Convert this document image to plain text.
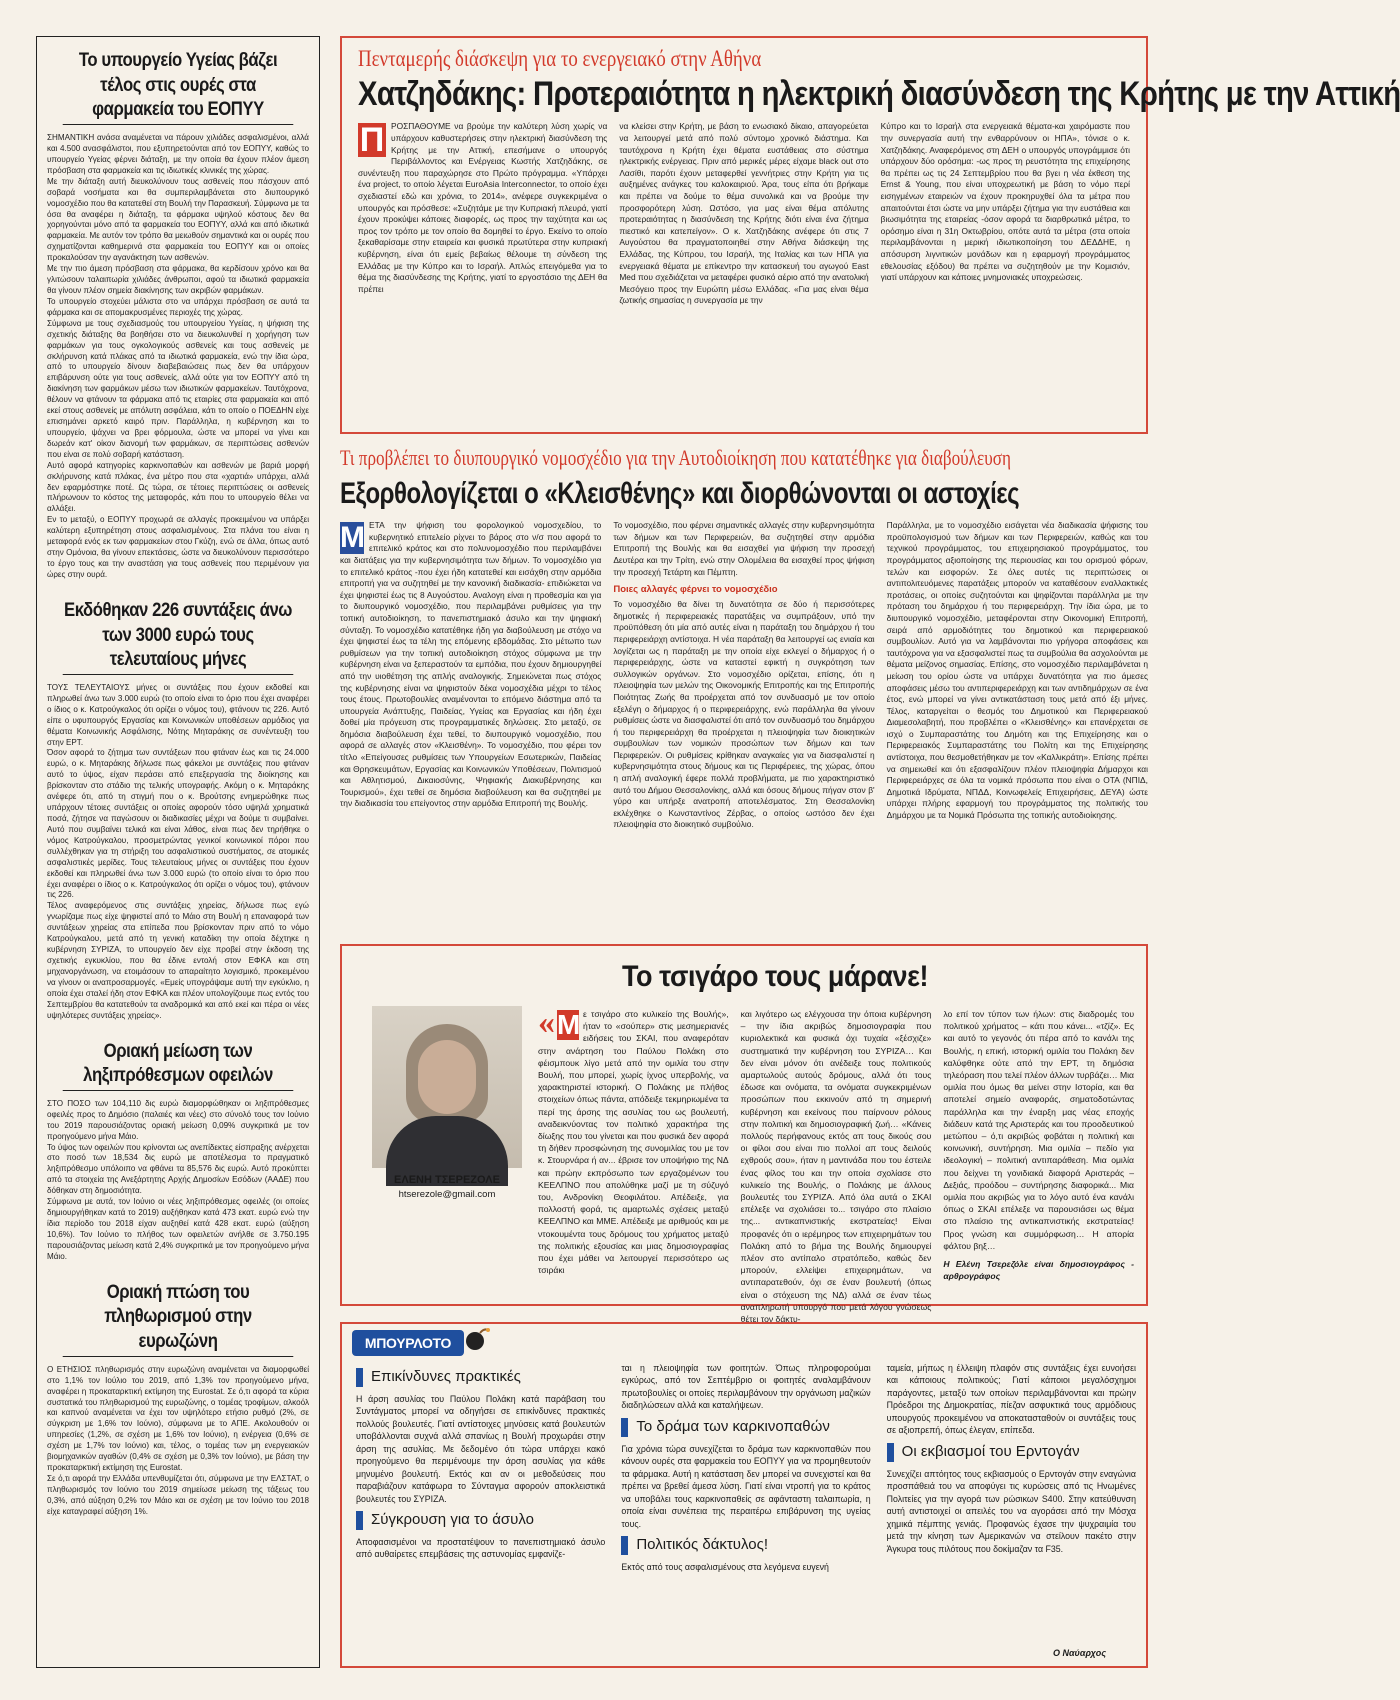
Το υπουργείο Υγείας βάζει τέλος στις ουρές στα φαρμακεία του ΕΟΠΥΥ

ΣΗΜΑΝΤΙΚΗ ανάσα αναμένεται να πάρουν χιλιάδες ασφαλισμένοι, αλλά και 4.500 ανασφάλιστοι, που εξυπηρετούνται από τον ΕΟΠΥΥ, καθώς το υπουργείο Υγείας φέρνει διάταξη, με την οποία θα έχουν πλέον άμεση πρόσβαση στα φαρμακεία και τις ιδιωτικές κλινικές της χώρας.

Με την διάταξη αυτή διευκολύνουν τους ασθενείς που πάσχουν από σοβαρά νοσήματα και θα συμπεριλαμβάνεται στο διυπουργικό νομοσχέδιο που θα κατατεθεί στη Βουλή την Παρασκευή. Σύμφωνα με τα όσα θα αναφέρει η διάταξη, τα φάρμακα υψηλού κόστους δεν θα χορηγούνται μόνο από τα φαρμακεία του ΕΟΠΥΥ, αλλά και από ιδιωτικά φαρμακεία. Με αυτόν τον τρόπο θα μειωθούν σημαντικά και οι ουρές που σχηματίζονται καθημερινά στα φαρμακεία του ΕΟΠΥΥ και οι οποίες προκαλούσαν την αγανάκτηση των ασθενών.

Με την πιο άμεση πρόσβαση στα φάρμακα, θα κερδίσουν χρόνο και θα γλιτώσουν ταλαιπωρία χιλιάδες άνθρωποι, αφού τα ιδιωτικά φαρμακεία θα γίνουν πλέον σημεία διακίνησης των ακριβών φαρμάκων.

Το υπουργείο στοχεύει μάλιστα στο να υπάρχει πρόσβαση σε αυτά τα φάρμακα και σε απομακρυσμένες περιοχές της χώρας.

Σύμφωνα με τους σχεδιασμούς του υπουργείου Υγείας, η ψήφιση της σχετικής διάταξης θα βοηθήσει στο να διευκολυνθεί η χορήγηση των φαρμάκων για τους ογκολογικούς ασθενείς και τους ασθενείς με σκλήρυνση κατά πλάκας από τα ιδιωτικά φαρμακεία, ενώ την ίδια ώρα, από το υπουργείο δίνουν διαβεβαιώσεις πως δεν θα υπάρχουν επιβάρυνση ούτε για τους ασθενείς, αλλά ούτε για τον ΕΟΠΥΥ από τη διακίνηση των φαρμάκων μέσω των ιδιωτικών φαρμακείων. Ταυτόχρονα, θέλουν να φτάνουν τα φάρμακα από τις εταιρίες στα φαρμακεία και από εκεί στους ασθενείς με απόλυτη ασφάλεια, κάτι το οποίο ο ΠΟΕΔΗΝ είχε επισημάνει αρκετό καιρό πριν. Παράλληλα, η κυβέρνηση και το υπουργείο, ψάχνει να βρει φόρμουλα, ώστε να μπορεί να γίνει και δωρεάν κατ' οίκον διανομή των φαρμάκων, σε περιπτώσεις ασθενών που είναι σε πολύ σοβαρή κατάσταση.

Αυτό αφορά κατηγορίες καρκινοπαθών και ασθενών με βαριά μορφή σκλήρυνσης κατά πλάκας, ένα μέτρο που στα «χαρτιά» υπάρχει, αλλά δεν εφαρμόστηκε ποτέ. Ως τώρα, σε τέτοιες περιπτώσεις οι ασθενείς πλήρωνουν το κόστος της μεταφοράς, κάτι που το υπουργείο θέλει να αλλάξει.

Εν το μεταξύ, ο ΕΟΠΥΥ προχωρά σε αλλαγές προκειμένου να υπάρξει καλύτερη εξυπηρέτηση στους ασφαλισμένους. Στα πλάνα του είναι η μεταφορά ενός εκ των φαρμακείων στου Γκύζη, ενώ σε άλλα, όπως αυτό στην Ομόνοια, θα γίνουν επεκτάσεις, ώστε να διευκολύνουν περισσότερο το έργο τους και την αναστάση για τους ασθενείς που περιμένουν για ώρες στην ουρά.

Εκδόθηκαν 226 συντάξεις άνω των 3000 ευρώ τους τελευταίους μήνες

ΤΟΥΣ ΤΕΛΕΥΤΑΙΟΥΣ μήνες οι συντάξεις που έχουν εκδοθεί και πληρωθεί άνω των 3.000 ευρώ (το οποίο είναι το όριο που έχει αναφέρει ο ίδιος ο κ. Κατρούγκαλος ότι ορίζει ο νόμος του), φτάνουν τις 226. Αυτό είπε ο υφυπουργός Εργασίας και Κοινωνικών υποθέσεων αρμόδιος για θέματα Κοινωνικής Ασφάλισης, Νότης Μηταράκης σε συνέντευξη του στην ΕΡΤ.

Όσον αφορά το ζήτημα των συντάξεων που φτάναν έως και τις 24.000 ευρώ, ο κ. Μηταράκης δήλωσε πως φάκελοι με συντάξεις που φτάναν αυτό το ύψος, είχαν περάσει από επεξεργασία της διοίκησης και βρίσκονταν στο στάδιο της τελικής υπογραφής. Ακόμη ο κ. Μηταράκης ανέφερε ότι, από τη στιγμή που ο κ. Βρούτσης ενημερώθηκε πως υπάρχουν τέτοιες συντάξεις οι οποίες αφορούν τόσο υψηλά χρηματικά ποσά, ζήτησε να παγώσουν οι διαδικασίες μέχρι να δούμε τι συμβαίνει. Αυτό που συμβαίνει τελικά και είναι λάθος, είναι πως δεν τηρήθηκε ο νόμος Κατρούγκαλου, προσμετρώντας γενικοί κοινωνικοί πόροι που συλλέχθηκαν για τη στήριξη του ασφαλιστικού συστήματος, σε ατομικές ασφαλιστικές μερίδες. Τους τελευταίους μήνες οι συντάξεις που έχουν εκδοθεί και πληρωθεί άνω των 3.000 ευρώ (το οποίο είναι το όριο που έχει αναφέρει ο ίδιος ο κ. Κατρούγκαλος ότι ορίζει ο νόμος του), φτάνουν τις 226.

Τέλος αναφερόμενος στις συντάξεις χηρείας, δήλωσε πως εγώ γνωρίζαμε πως είχε ψηφιστεί από το Μάιο στη Βουλή η επαναφορά των συντάξεων χηρείας στα επίπεδα που βρίσκονταν πριν από το νόμο Κατρούγκαλου, μετά από τη γενική καταδίκη την οποία δέχτηκε η κυβέρνηση ΣΥΡΙΖΑ, το υπουργείο δεν είχε προβεί στην έκδοση της σχετικής εγκυκλίου, που θα έδινε εντολή στον ΕΦΚΑ και στη μηχανοργάνωση, να ετοιμάσουν το απαραίτητο λογισμικό, προκειμένου να γίνουν οι αναπροσαρμογές. «Εμείς υπογράψαμε αυτή την εγκύκλιο, η οποία έχει σταλεί ήδη στον ΕΦΚΑ και πλέον υπολογίζουμε πως εντός του Σεπτεμβρίου θα κατατεθούν τα αναδρομικά και από εκεί και πέρα οι νέες υψηλότερες συντάξεις χηρείας».

Οριακή μείωση των ληξιπρόθεσμων οφειλών

ΣΤΟ ΠΟΣΟ των 104,110 δις ευρώ διαμορφώθηκαν οι ληξιπρόθεσμες οφειλές προς το Δημόσιο (παλαιές και νέες) στο σύνολό τους τον Ιούνιο του 2019 παρουσιάζοντας οριακή μείωση 0,09% συγκριτικά με τον προηγούμενο μήνα Μάιο.

Το ύψος των οφειλών που κρίνονται ως ανεπίδεκτες είσπραξης ανέρχεται στο ποσό των 18,534 δις ευρώ με αποτέλεσμα το πραγματικό ληξιπρόθεσμο υπόλοιπο να φθάνει τα 85,576 δις ευρώ. Αυτό προκύπτει από τα στοιχεία της Ανεξάρτητης Αρχής Δημοσίων Εσόδων (ΑΑΔΕ) που δόθηκαν στη δημοσιότητα.

Σύμφωνα με αυτά, τον Ιούνιο οι νέες ληξιπρόθεσμες οφειλές (οι οποίες δημιουργήθηκαν κατά το 2019) αυξήθηκαν κατά 473 εκατ. ευρώ ενώ την ίδια περίοδο του 2018 είχαν αυξηθεί κατά 428 εκατ. ευρώ (αύξηση 10,6%). Τον Ιούνιο το πλήθος των οφειλετών ανήλθε σε 3.750.195 παρουσιάζοντας μείωση κατά 2,4% συγκριτικά με τον προηγούμενο μήνα Μάιο.

Οριακή πτώση του πληθωρισμού στην ευρωζώνη

Ο ΕΤΗΣΙΟΣ πληθωρισμός στην ευρωζώνη αναμένεται να διαμορφωθεί στο 1,1% τον Ιούλιο του 2019, από 1,3% τον προηγούμενο μήνα, αναφέρει η προκαταρκτική εκτίμηση της Eurostat. Σε ό,τι αφορά τα κύρια συστατικά του πληθωρισμού της ευρωζώνης, ο τομέας τροφίμων, αλκοόλ και καπνού αναμένεται να έχει τον υψηλότερο ετήσιο ρυθμό (2%, σε σύγκριση με 1,6% τον Ιούνιο), σύμφωνα με το ΑΠΕ. Ακολουθούν οι υπηρεσίες (1,2%, σε σχέση με 1,6% τον Ιούνιο), η ενέργεια (0,6% σε σχέση με 1,7% τον Ιούνιο) και, τέλος, ο τομέας των μη ενεργειακών βιομηχανικών αγαθών (0,4% σε σχέση με 0,3% τον Ιούνιο), με βάση την προκαταρκτική εκτίμηση της Eurostat.

Σε ό,τι αφορά την Ελλάδα υπενθυμίζεται ότι, σύμφωνα με την ΕΛΣΤΑΤ, ο πληθωρισμός τον Ιούνιο του 2019 σημείωσε μείωση της τάξεως του 0,3%, από αύξηση 0,2% τον Μάιο και σε σχέση με τον Ιούνιο του 2018 είχε καταγραφεί αύξηση 1%.

Πενταμερής διάσκεψη για το ενεργειακό στην Αθήνα
Χατζηδάκης: Προτεραιότητα η ηλεκτρική διασύνδεση της Κρήτης με την Αττική

Π ΡΟΣΠΑΘΟΥΜΕ να βρούμε την καλύτερη λύση χωρίς να υπάρχουν καθυστερήσεις στην ηλεκτρική διασύνδεση της Κρήτης με την Αττική, επεσήμανε ο υπουργός Περιβάλλοντος και Ενέργειας Κωστής Χατζηδάκης, σε συνέντευξη που παραχώρησε στο Πρώτο πρόγραμμα. «Υπάρχει ένα project, το οποίο λέγεται EuroAsia Interconnector, το οποίο έχει σχεδιαστεί εδώ και χρόνια, το 2014», ανέφερε συγκεκριμένα ο υπουργός και πρόσθεσε: «Συζητάμε με την Κυπριακή πλευρά, γιατί έχουν προκύψει κάποιες διαφορές, ως προς την ταχύτητα και ως προς τον τρόπο με τον οποίο θα δομηθεί το έργο. Εκείνο το οποίο ξεκαθαρίσαμε στην εταιρεία και φυσικά πρωτύτερα στην κυπριακή κυβέρνηση, είναι ότι εμείς βεβαίως θέλουμε τη σύνδεση της Ελλάδας με την Κύπρο και το Ισραήλ. Απλώς επειγόμεθα για το θέμα της διασύνδεσης της Κρήτης, γιατί το εργοστάσιο της ΔΕΗ θα πρέπει

να κλείσει στην Κρήτη, με βάση το ενωσιακό δίκαιο, απαγορεύεται να λειτουργεί μετά από πολύ σύντομο χρονικό διάστημα. Και ταυτόχρονα η Κρήτη έχει θέματα ευστάθειας στο σύστημα ηλεκτρικής ενέργειας. Πριν από μερικές μέρες είχαμε black out στο Λασίθι, παρότι έχουν μεταφερθεί γεννήτριες στην Κρήτη για τις αυξημένες ανάγκες του καλοκαιριού. Άρα, τους είπα ότι βρήκαμε και πρέπει να δούμε το θέμα συνολικά και να βρούμε την προσφορότερη λύση. Ωστόσο, για μας είναι θέμα απόλυτης προτεραιότητας η διασύνδεση της Κρήτης διότι είναι ένα ζήτημα πιεστικό και κατεπείγον». Ο κ. Χατζηδάκης ανέφερε ότι στις 7 Αυγούστου θα πραγματοποιηθεί στην Αθήνα διάσκεψη της Ελλάδας, της Κύπρου, του Ισραήλ, της Ιταλίας και των ΗΠΑ για ενεργειακά θέματα με επίκεντρο την κατασκευή του αγωγού East Med που σχεδιάζεται να μεταφέρει φυσικό αέριο από την ανατολική Μεσόγειο προς την Ευρώπη μέσω Ελλάδας. «Για μας είναι θέμα ζωτικής σημασίας η συνεργασία με την

Κύπρο και το Ισραήλ στα ενεργειακά θέματα-και χαιρόμαστε που την συνεργασία αυτή την ενθαρρύνουν οι ΗΠΑ», τόνισε ο κ. Χατζηδάκης. Αναφερόμενος στη ΔΕΗ ο υπουργός υπογράμμισε ότι υπάρχουν δύο ορόσημα: -ως προς τη ρευστότητα της επιχείρησης θα πρέπει ως τις 24 Σεπτεμβρίου που θα βγει η νέα έκθεση της Ernst & Young, που είναι υποχρεωτική με βάση το νόμο περί εισηγμένων εταιρειών να έχουν προκηρυχθεί όλα τα μέτρα που απαιτούνται έτσι ώστε να μην υπάρξει ζήτημα για την ευστάθεια και βιωσιμότητα της εταιρείας -όσον αφορά τα διαρθρωτικά μέτρα, το ορόσημο είναι η 31η Οκτωβρίου, οπότε αυτά τα μέτρα (στα οποία περιλαμβάνονται η μερική ιδιωτικοποίηση του ΔΕΔΔΗΕ, η απόσυρση λιγνιτικών μονάδων και η εφαρμογή προγράμματος εθελουσίας εξόδου) θα πρέπει να συζητηθούν με την Κομισιόν, γιατί υπάρχουν και κάποιες μνημονιακές υποχρεώσεις.

Τι προβλέπει το διυπουργικό νομοσχέδιο για την Αυτοδιοίκηση που κατατέθηκε για διαβούλευση
Εξορθολογίζεται ο «Κλεισθένης» και διορθώνονται οι αστοχίες

Μ ΕΤΑ την ψήφιση του φορολογικού νομοσχεδίου, το κυβερνητικό επιτελείο ρίχνει το βάρος στο ν/σ που αφορά το επιτελικό κράτος και στο πολυνομοσχέδιο που περιλαμβάνει και διατάξεις για την κυβερνησιμότητα των δήμων. Το νομοσχέδιο για το επιτελικό κράτος -που έχει ήδη κατατεθεί και εισάχθη στην αρμόδια επιτροπή για να συζητηθεί με την κανονική διαδικασία- επιδιώκεται να έχει ψηφιστεί έως τις 8 Αυγούστου. Αναλογη είναι η προθεσμία και για το διυπουργικό νομοσχέδιο, που περιλαμβάνει ρυθμίσεις για την τοπική αυτοδιοίκηση, το πανεπιστημιακό άσυλο και την ψηφιακή σύνταξη. Το νομοσχέδιο κατατέθηκε ήδη για διαβούλευση με στόχο να έχει ψηφιστεί έως τα τέλη της επόμενης εβδομάδας. Στο μέτωπο των ρυθμίσεων για την τοπική αυτοδιοίκηση στόχος σύμφωνα με την κυβέρνηση είναι να ξεπεραστούν τα εμπόδια, που έχουν δημιουργηθεί από την υιοθέτηση της απλής αναλογικής. Σημειώνεται πως στόχος της κυβέρνησης είναι να ψηφιστούν δέκα νομοσχέδια μέχρι το τέλος τους έτους. Πρωτοβουλίες αναμένονται το επόμενο διάστημα από τα υπουργεία Ανάπτυξης, Παιδείας, Υγείας και Εργασίας και ήδη έχει δοθεί μία πρόγευση στις προγραμματικές δηλώσεις. Στο μεταξύ, σε δημόσια διαβούλευση έχει τεθεί, το διυπουργικό νομοσχέδιο, που αφορά σε αλλαγές στον «Κλεισθένη». Το νομοσχέδιο, που φέρει τον τίτλο «Επείγουσες ρυθμίσεις των Υπουργείων Εσωτερικών, Παιδείας και Θρησκευμάτων, Εργασίας και Κοινωνικών Υποθέσεων, Πολιτισμού και Αθλητισμού, Δικαιοσύνης, Ψηφιακής Διακυβέρνησης και Τουρισμού», έχει τεθεί σε δημόσια διαβούλευση και θα συζητηθεί με την διαδικασία του επείγοντος στην αρμόδια Επιτροπή της Βουλής.

Το νομοσχέδιο, που φέρνει σημαντικές αλλαγές στην κυβερνησιμότητα των δήμων και των Περιφερειών, θα συζητηθεί στην αρμόδια Επιτροπή της Βουλής και θα εισαχθεί για ψήφιση την προσεχή Δευτέρα και την Τρίτη, ενώ στην Ολομέλεια θα εισαχθεί προς ψήφιση την προσεχή Τετάρτη και Πέμπτη.

Ποιες αλλαγές φέρνει το νομοσχέδιο

Το νομοσχέδιο θα δίνει τη δυνατότητα σε δύο ή περισσότερες δημοτικές ή περιφερειακές παρατάξεις να συμπράξουν, υπό την προϋπόθεση ότι μία από αυτές είναι η παράταξη του δημάρχου ή του περιφερειάρχη αντίστοιχα. Η νέα παράταξη θα λειτουργεί ως ενιαία και λογίζεται ως η παράταξη με την οποία είχε εκλεγεί ο δήμαρχος ή ο περιφερειάρχης, ώστε να καταστεί εφικτή η συγκρότηση των συλλογικών οργάνων. Στο νομοσχέδιο ορίζεται, επίσης, ότι η πλειοψηφία των μελών της Οικονομικής Επιτροπής και της Επιτροπής Ποιότητας Ζωής θα προέρχεται από τον συνδυασμό με τον οποίο εξελέγη ο δήμαρχος ή ο περιφερειάρχης, ενώ παράλληλα θα γίνουν ρυθμίσεις ώστε να διασφαλιστεί ότι από τον συνδυασμό του δημάρχου ή του περιφερειάρχη θα προέρχεται η πλειοψηφία των διοικητικών συμβουλίων των νομικών προσώπων των δήμων και των Περιφερειών. Οι ρυθμίσεις κρίθηκαν αναγκαίες για να διασφαλιστεί η κυβερνησιμότητα στους δήμους και τις Περιφέρειες, της χώρας, όπου η απλή αναλογική έφερε πολλά προβλήματα, με πιο χαρακτηριστικό αυτό του Δήμου Θεσσαλονίκης, αλλά και όσους δήμους πήγαν στον β' γύρο και υπήρξε ανατροπή αποτελέσματος. Στη Θεσσαλονίκη εκλέχθηκε ο Κωνσταντίνος Ζέρβας, ο οποίος ωστόσο δεν έχει πλειοψηφία στο διοικητικό συμβούλιο.

Παράλληλα, με το νομοσχέδιο εισάγεται νέα διαδικασία ψήφισης του προϋπολογισμού των δήμων και των Περιφερειών, καθώς και του τεχνικού προγράμματος, του επιχειρησιακού προγράμματος, του προγράμματος αξιοποίησης της περιουσίας και του ορισμού φόρων, τελών και εισφορών. Σε όλες αυτές τις περιπτώσεις οι αντιπολιτευόμενες παρατάξεις μπορούν να καταθέσουν εναλλακτικές προτάσεις, οι οποίες συζητούνται και ψηφίζονται παράλληλα με την πρόταση του δημάρχου ή του περιφερειάρχη. Την ίδια ώρα, με το διυπουργικό νομοσχέδιο, μεταφέρονται στην Οικονομική Επιτροπή, σειρά από αρμοδιότητες του δημοτικού και περιφερειακού συμβουλίων. Αυτό για να λαμβάνονται πιο γρήγορα αποφάσεις και ταυτόχρονα για να εξασφαλιστεί πως τα συμβούλια θα ασχολούνται με θέματα μείζονος σημασίας. Επίσης, στο νομοσχέδιο περιλαμβάνεται η μείωση του ορίου ώστε να υπάρχει δυνατότητα για πιο άμεσες αποφάσεις μέσω του αντιπεριφερειάρχη και των αντιδημάρχων σε ένα έτος, ενώ μπορεί να γίνει αντικατάσταση τους μετά από έξι μήνες. Τέλος, καταργείται ο θεσμός του Δημοτικού και Περιφερειακού Διαμεσολαβητή, που προβλέπει ο «Κλεισθένης» και επανέρχεται σε ισχύ ο Συμπαραστάτης του Δημότη και της Επιχείρησης και ο Περιφερειακός Συμπαραστάτης του Πολίτη και της Επιχείρησης αντίστοιχα, που θεσμοθετήθηκαν με τον «Καλλικράτη». Επίσης πρέπει να σημειωθεί και ότι εξασφαλίζουν πλέον πλειοψηφία Δήμαρχοι και Περιφερειάρχες σε όλα τα νομικά πρόσωπα που είναι ο ΟΤΑ (ΝΠΙΔ, Δημοτικά Ιδρύματα, ΝΠΔΔ, Κοινωφελείς Επιχειρήσεις, ΔΕΥΑ) ώστε υπάρχει πλήρης εφαρμογή του προγράμματος της πολιτικής του Δημάρχου με τα Νομικά Πρόσωπα της τοπικής αυτοδιοίκησης.

Το τσιγάρο τους μάρανε!
ΕΛΕΝΗ ΤΣΕΡΕΖΟΛΕ
htserezole@gmail.com

« Μ ε τσιγάρο στο κυλικείο της Βουλής», ήταν το «σούπερ» στις μεσημεριανές ειδήσεις του ΣΚΑΙ, που αναφερόταν στην ανάρτηση του Παύλου Πολάκη στο φέισμπουκ λίγο μετά από την ομιλία του στην Βουλή, που μπορεί, χωρίς ίχνος υπερβολής, να χαρακτηριστεί ιστορική. Ο Πολάκης με πλήθος στοιχείων όπως πάντα, απόδειξε τεκμηριωμένα τα περί της άρσης της ασυλίας του ως βουλευτή, αναδεικνύοντας τον πολιτικό χαρακτήρα της δίωξης που του γίνεται και που φυσικά δεν αφορά τη δήθεν προσφώνηση της συνομιλίας του με τον κ. Στουρνάρα ή αν... έβρισε τον υποψήφιο της ΝΔ και πρώην εκπρόσωπο των εργαζομένων του ΚΕΕΛΠΝΟ που απολύθηκε μαζί με τη σύζυγό του, Ανδρονίκη Θεοφιλάτου. Απέδειξε, για πολλοστή φορά, τις αμαρτωλές σχέσεις μεταξύ ΚΕΕΛΠΝΟ και ΜΜΕ. Απέδειξε με αριθμούς και με ντοκουμέντα τους δρόμους του χρήματος μεταξύ της πολιτικής εξουσίας και μιας δημοσιογραφίας που έχει μάθει να λειτουργεί περισσότερο ως τσιράκι

και λιγότερο ως ελέγχουσα την όποια κυβέρνηση – την ίδια ακριβώς δημοσιογραφία που κυριολεκτικά και φυσικά όχι τυχαία «ξέσχιζε» συστηματικά την κυβέρνηση του ΣΥΡΙΖΑ… Και δεν είναι μόνον ότι ανέδειξε τους πολιτικούς αμαρτωλούς αυτούς δρόμους, αλλά ότι τους έδωσε και ονόματα, τα ονόματα συγκεκριμένων προσώπων που εκκινούν από τη σημερινή κυβέρνηση και εκείνους που παίρνουν ρόλους στην πολιτική και δημοσιογραφική ζωή… «Κάνεις πολλούς περήφανους εκτός απ τους δικούς σου οι φίλοι σου είναι πιο πολλοί απ τους δειλούς εχθρούς σου», ήταν η μαντινάδα που του έστειλε ένας φίλος του και την οποία σχολίασε στο κυλικείο της Βουλής, ο Πολάκης με άλλους βουλευτές του ΣΥΡΙΖΑ. Από όλα αυτά ο ΣΚΑΙ επέλεξε να σχολιάσει το... τσιγάρο στο πλαίσιο της... αντικαπνιστικής εκστρατείας! Είναι προφανές ότι ο ιερέμηρος των επιχειρημάτων του Πολάκη από το βήμα της Βουλής δημιουργεί πλέον στο αντίπαλο στρατόπεδο, καθώς δεν μπορούν, ελλείψει επιχειρημάτων, να αντιπαρατεθούν, όχι σε έναν βουλευτή (όπως είναι ο στόχευση της ΝΔ) αλλά σε έναν τέως αναπληρωτή υπουργό που μετά λόγου γνώσεως θέτει τον δάκτυ-

λο επί τον τύπον των ήλων: στις διαδρομές του πολιτικού χρήματος – κάτι που κάνει... «τζίζ». Ες και αυτό το γεγονός ότι πέρα από το κανάλι της Βουλής, η επική, ιστορική ομιλία του Πολάκη δεν καλύφθηκε ούτε από την ΕΡΤ, τη δημόσια τηλεόραση που τελεί πλέον άλλων τυρβάζει… Μια ομιλία που όμως θα μείνει στην Ιστορία, και θα αποτελεί σημείο αναφοράς, σηματοδοτώντας παράλληλα και την έναρξη μας νέας εποχής διάδευν κατά της Αριστεράς και του προοδευτικού μετώπου – ό,τι ακριβώς φοβάται η πολιτική και κοινωνική, συντήρηση. Μια ομιλία – πεδίο για ιδεολογική – πολιτική αντιπαράθεση. Μια ομιλία που δείχνει τη γονιδιακά διαφορά Αριστεράς – Δεξιάς, προόδου – συντήρησης διαφορικά... Μια ομιλία που ακριβώς για το λόγο αυτό ένα κανάλι όπως ο ΣΚΑΙ επέλεξε να παρουσιάσει ως θέμα στο πλαίσιο της αντικαπνιστικής εκστρατείας! Προς γνώση και συμμόρφωση… Η απορία φάλτου βηξ…

Η Ελένη Τσερεζόλε είναι δημοσιογράφος - αρθρογράφος

ΜΠΟΥΡΛΟΤΟ
Επικίνδυνες πρακτικές

Η άρση ασυλίας του Παύλου Πολάκη κατά παράβαση του Συντάγματος μπορεί να οδηγήσει σε επικίνδυνες πρακτικές πολλούς βουλευτές. Γιατί αντίστοιχες μηνύσεις κατά βουλευτών υποβάλλονται συχνά αλλά σπανίως η Βουλή προχωράει στην άρση της ασυλίας. Με δεδομένο ότι τώρα υπάρχει κακό προηγούμενο θα περιμένουμε την άρση ασυλίας για κάθε μηνυμένο βουλευτή. Εκτός και αν οι μεθοδεύσεις που παραβιάζουν κατάφωρα το Σύνταγμα αφορούν αποκλειστικά βουλευτές του ΣΥΡΙΖΑ.

Σύγκρουση για το άσυλο

Αποφασισμένοι να προστατέψουν το πανεπιστημιακό άσυλο από αυθαίρετες επεμβάσεις της αστυνομίας εμφανίζε-

ται η πλειοψηφία των φοιτητών. Όπως πληροφορούμαι εγκύρως, από τον Σεπτέμβριο οι φοιτητές αναλαμβάνουν πρωτοβουλίες οι οποίες περιλαμβάνουν την οργάνωση μαζικών διαδηλώσεων αλλά και καταλήψεων.

Το δράμα των καρκινοπαθών

Για χρόνια τώρα συνεχίζεται το δράμα των καρκινοπαθών που κάνουν ουρές στα φαρμακεία του ΕΟΠΥΥ για να προμηθευτούν τα φάρμακα. Αυτή η κατάσταση δεν μπορεί να συνεχιστεί και θα πρέπει να βρεθεί άμεσα λύση. Γιατί είναι ντροπή για το κράτος να υποβάλει τους καρκινοπαθείς σε αφάνταστη ταλαιπωρία, η οποία είναι συνέπεια της περαιτέρω επιβάρυνση της υγείας τους.

Πολιτικός δάκτυλος!

Εκτός από τους ασφαλισμένους στα λεγόμενα ευγενή

ταμεία, μήπως η έλλειψη πλαφόν στις συντάξεις έχει ευνοήσει και κάποιους πολιτικούς; Γιατί κάποιοι μεγαλόσχημοι παράγοντες, μεταξύ των οποίων περιλαμβάνονται και πρώην Πρόεδροι της Δημοκρατίας, πίεζαν ασφυκτικά τους αρμόδιους υπουργούς προκειμένου να αποκατασταθούν οι συντάξεις τους σε αξιοπρεπή, όπως έλεγαν, επίπεδα.

Οι εκβιασμοί του Ερντογάν

Συνεχίζει απτόητος τους εκβιασμούς ο Ερντογάν στην εναγώνια προσπάθειά του να αποφύγει τις κυρώσεις από τις Ηνωμένες Πολιτείες για την αγορά των ρώσικων S400. Στην κατεύθυνση αυτή αντιστοιχεί οι απειλές του να αγοράσει από την Μόσχα χημικά πέμπτης γενιάς. Προφανώς έχασε την ψυχραιμία του μετά την κίνηση των Αμερικανών να στείλουν πακέτο στην Άγκυρα τους πιλότους που δοκίμαζαν τα F35.

Ο Ναύαρχος
